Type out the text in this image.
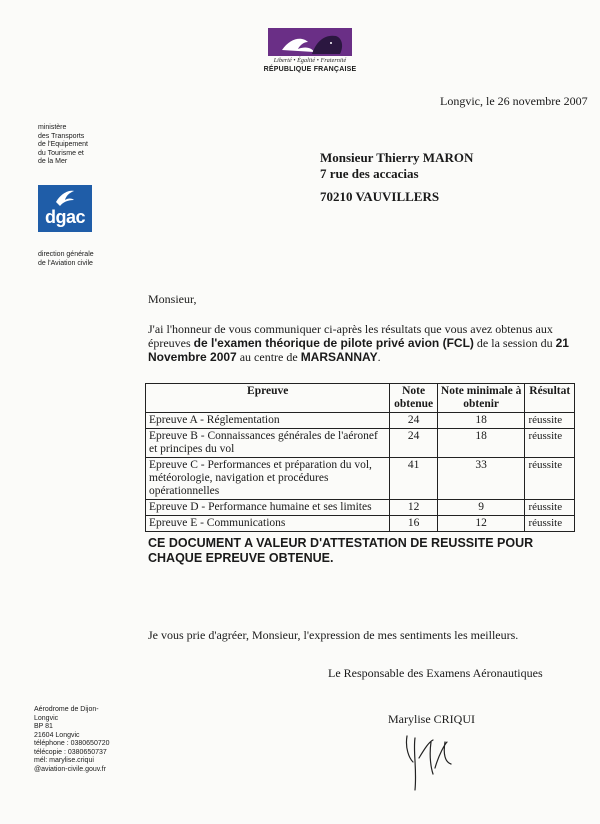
Liberté • Égalité • Fraternité
RÉPUBLIQUE FRANÇAISE
Longvic, le 26 novembre 2007
ministère
des Transports
de l'Equipement
du Tourisme et
de la Mer
dgac
direction générale
de l'Aviation civile
Monsieur Thierry MARON
7 rue des accacias
70210 VAUVILLERS
Monsieur,
J'ai l'honneur de vous communiquer ci-après les résultats que vous avez obtenus aux épreuves de l'examen théorique de pilote privé avion (FCL) de la session du 21 Novembre 2007 au centre de MARSANNAY.
Epreuve	Note obtenue	Note minimale à obtenir	Résultat
Epreuve A - Réglementation	24	18	réussite
Epreuve B - Connaissances générales de l'aéronef et principes du vol	24	18	réussite
Epreuve C - Performances et préparation du vol, météorologie, navigation et procédures opérationnelles	41	33	réussite
Epreuve D - Performance humaine et ses limites	12	9	réussite
Epreuve E - Communications	16	12	réussite
CE DOCUMENT A VALEUR D'ATTESTATION DE REUSSITE POUR CHAQUE EPREUVE OBTENUE.
Je vous prie d'agréer, Monsieur, l'expression de mes sentiments les meilleurs.
Le Responsable des Examens Aéronautiques
Marylise CRIQUI
Aérodrome de Dijon-
Longvic
BP 81
21604 Longvic
téléphone : 0380650720
télécopie : 0380650737
mél: marylise.criqui
@aviation-civile.gouv.fr
